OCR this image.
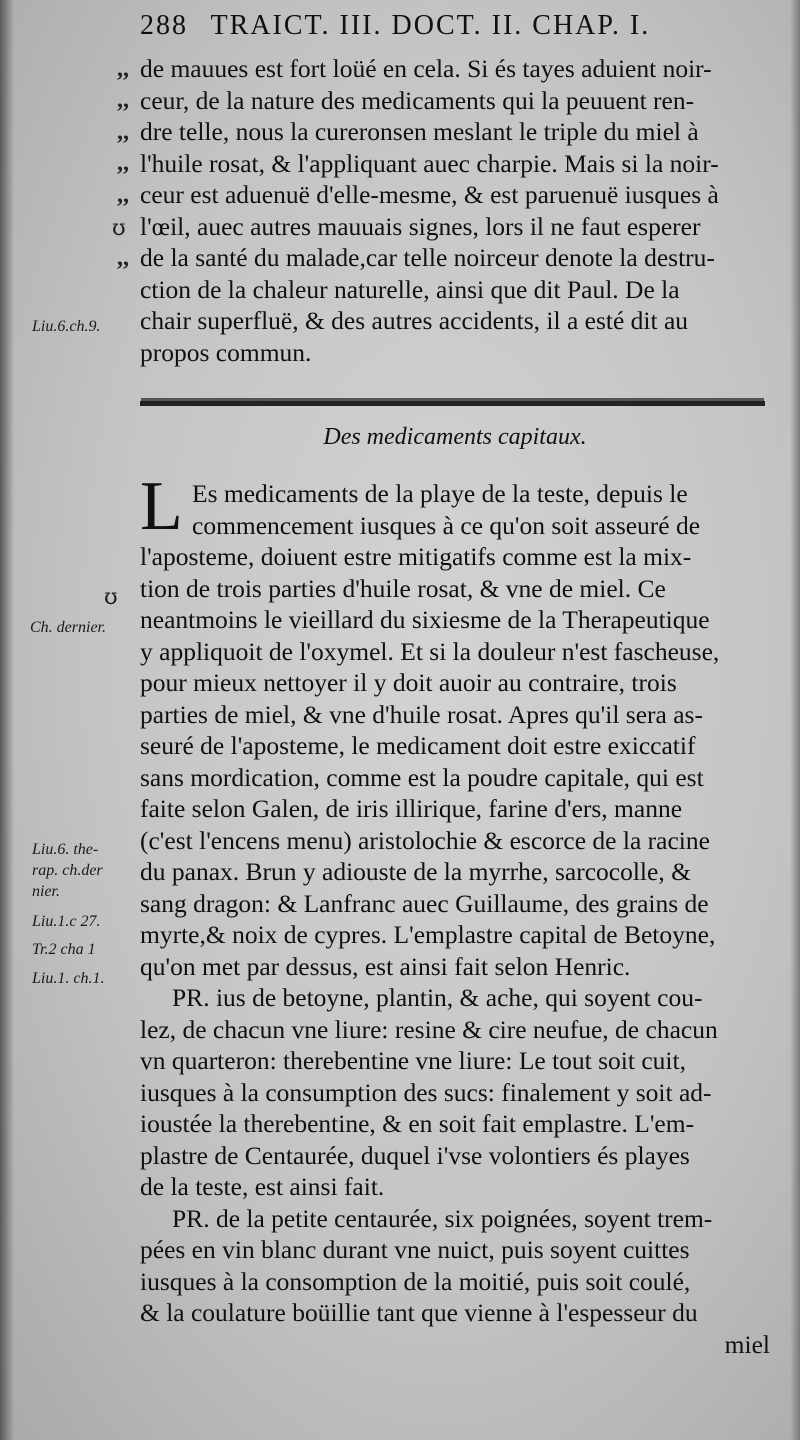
288 TRAICT. III. DOCT. II. CHAP. I.
,,
,,
,,
,,
,,
ʊ
,,
Liu.6.ch.9.
de mauues est fort loüé en cela. Si és tayes aduient noir-
ceur, de la nature des medicaments qui la peuuent ren-
dre telle, nous la cureronsen meslant le triple du miel à
l'huile rosat, & l'appliquant auec charpie. Mais si la noir-
ceur est aduenuë d'elle-mesme, & est paruenuë iusques à
l'œil, auec autres mauuais signes, lors il ne faut esperer
de la santé du malade,car telle noirceur denote la destru-
ction de la chaleur naturelle, ainsi que dit Paul. De la
chair superfluë, & des autres accidents, il a esté dit au
propos commun.
Des medicaments capitaux.
L
ʊ
Ch. dernier.
Liu.6. the-
rap. ch.der
nier.
Liu.1.c 27.
Tr.2 cha 1
Liu.1. ch.1.
Es medicaments de la playe de la teste, depuis le
commencement iusques à ce qu'on soit asseuré de
l'aposteme, doiuent estre mitigatifs comme est la mix-
tion de trois parties d'huile rosat, & vne de miel. Ce
neantmoins le vieillard du sixiesme de la Therapeutique
y appliquoit de l'oxymel. Et si la douleur n'est fascheuse,
pour mieux nettoyer il y doit auoir au contraire, trois
parties de miel, & vne d'huile rosat. Apres qu'il sera as-
seuré de l'aposteme, le medicament doit estre exiccatif
sans mordication, comme est la poudre capitale, qui est
faite selon Galen, de iris illirique, farine d'ers, manne
(c'est l'encens menu) aristolochie & escorce de la racine
du panax. Brun y adiouste de la myrrhe, sarcocolle, &
sang dragon: & Lanfranc auec Guillaume, des grains de
myrte,& noix de cypres. L'emplastre capital de Betoyne,
qu'on met par dessus, est ainsi fait selon Henric.
PR. ius de betoyne, plantin, & ache, qui soyent cou-
lez, de chacun vne liure: resine & cire neufue, de chacun
vn quarteron: therebentine vne liure: Le tout soit cuit,
iusques à la consumption des sucs: finalement y soit ad-
ioustée la therebentine, & en soit fait emplastre. L'em-
plastre de Centaurée, duquel i'vse volontiers és playes
de la teste, est ainsi fait.
PR. de la petite centaurée, six poignées, soyent trem-
pées en vin blanc durant vne nuict, puis soyent cuittes
iusques à la consomption de la moitié, puis soit coulé,
& la coulature boüillie tant que vienne à l'espesseur du
miel
